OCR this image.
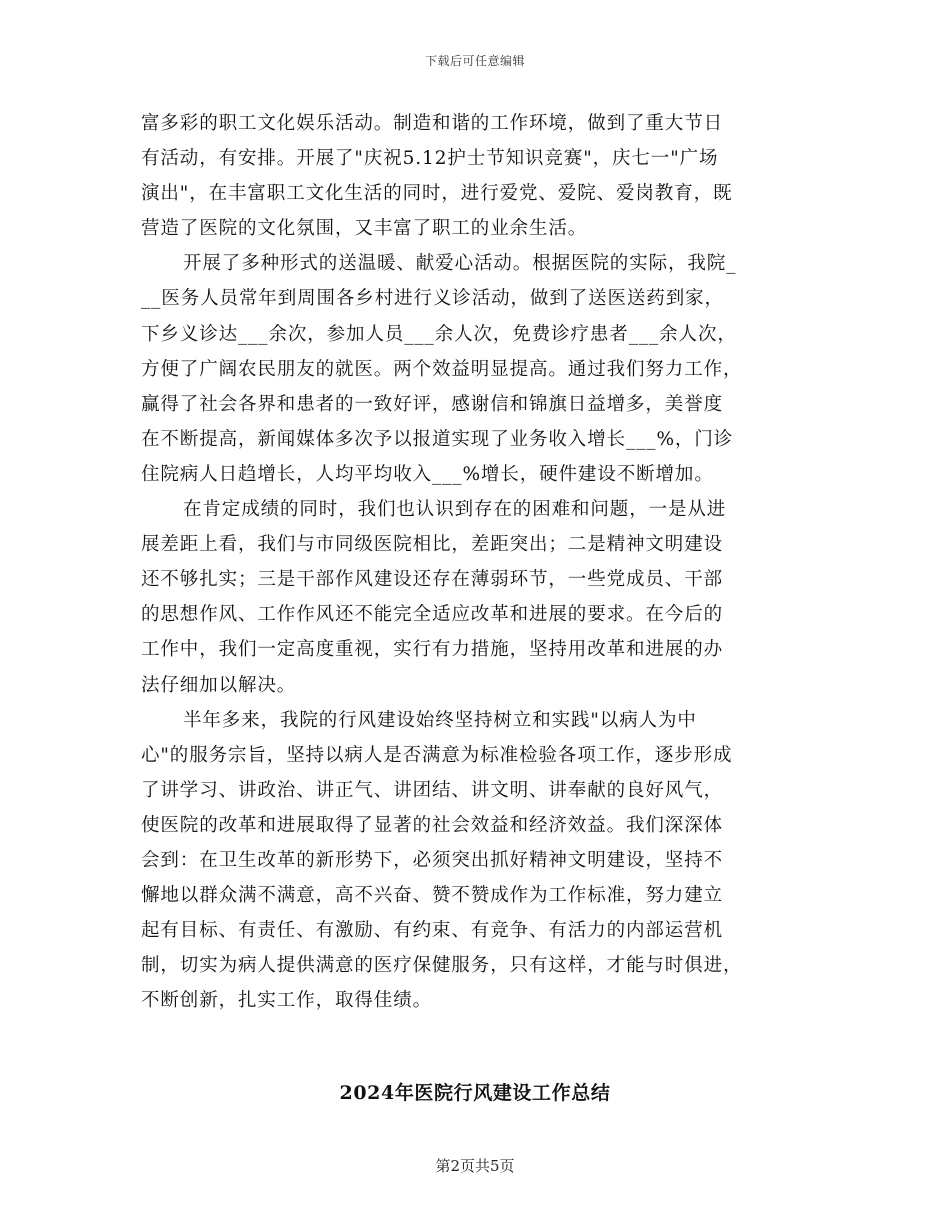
下载后可任意编辑
富多彩的职工文化娱乐活动。制造和谐的工作环境，做到了重大节日
有活动，有安排。开展了"庆祝5.12护士节知识竞赛"，庆七一"广场
演出"，在丰富职工文化生活的同时，进行爱党、爱院、爱岗教育，既
营造了医院的文化氛围，又丰富了职工的业余生活。
开展了多种形式的送温暖、献爱心活动。根据医院的实际，我院_
__医务人员常年到周围各乡村进行义诊活动，做到了送医送药到家，
下乡义诊达___余次，参加人员___余人次，免费诊疗患者___余人次，
方便了广阔农民朋友的就医。两个效益明显提高。通过我们努力工作，
赢得了社会各界和患者的一致好评，感谢信和锦旗日益增多，美誉度
在不断提高，新闻媒体多次予以报道实现了业务收入增长___%，门诊
住院病人日趋增长，人均平均收入___%增长，硬件建设不断增加。
在肯定成绩的同时，我们也认识到存在的困难和问题，一是从进
展差距上看，我们与市同级医院相比，差距突出；二是精神文明建设
还不够扎实；三是干部作风建设还存在薄弱环节，一些党成员、干部
的思想作风、工作作风还不能完全适应改革和进展的要求。在今后的
工作中，我们一定高度重视，实行有力措施，坚持用改革和进展的办
法仔细加以解决。
半年多来，我院的行风建设始终坚持树立和实践"以病人为中
心"的服务宗旨，坚持以病人是否满意为标准检验各项工作，逐步形成
了讲学习、讲政治、讲正气、讲团结、讲文明、讲奉献的良好风气，
使医院的改革和进展取得了显著的社会效益和经济效益。我们深深体
会到：在卫生改革的新形势下，必须突出抓好精神文明建设，坚持不
懈地以群众满不满意，高不兴奋、赞不赞成作为工作标准，努力建立
起有目标、有责任、有激励、有约束、有竞争、有活力的内部运营机
制，切实为病人提供满意的医疗保健服务，只有这样，才能与时俱进，
不断创新，扎实工作，取得佳绩。
2024年医院行风建设工作总结
第2页共5页
